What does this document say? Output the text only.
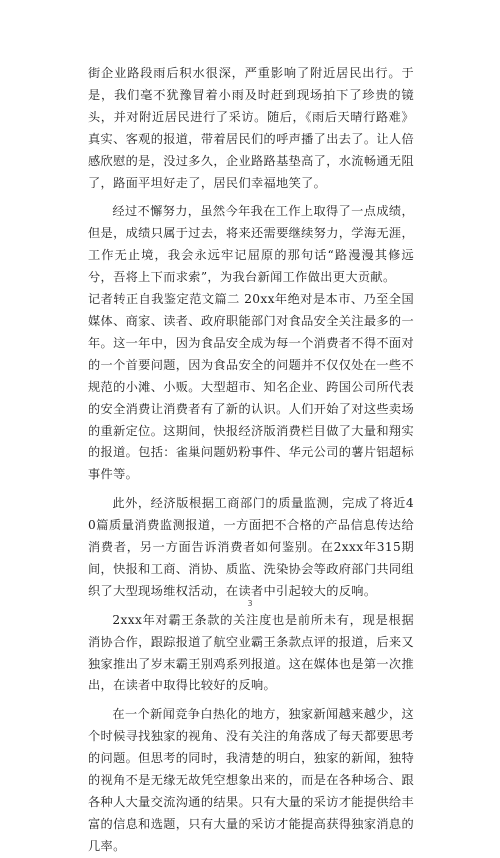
街企业路段雨后积水很深，严重影响了附近居民出行。于是，我们毫不犹豫冒着小雨及时赶到现场拍下了珍贵的镜头，并对附近居民进行了采访。随后，《雨后天晴行路难》真实、客观的报道，带着居民们的呼声播了出去了。让人倍感欣慰的是，没过多久，企业路路基垫高了，水流畅通无阻了，路面平坦好走了，居民们幸福地笑了。

经过不懈努力，虽然今年我在工作上取得了一点成绩，但是，成绩只属于过去，将来还需要继续努力，学海无涯，工作无止境，我会永远牢记屈原的那句话“路漫漫其修远兮，吾将上下而求索”，为我台新闻工作做出更大贡献。

记者转正自我鉴定范文篇二 20xx年绝对是本市、乃至全国媒体、商家、读者、政府职能部门对食品安全关注最多的一年。这一年中，因为食品安全成为每一个消费者不得不面对的一个首要问题，因为食品安全的问题并不仅仅处在一些不规范的小滩、小贩。大型超市、知名企业、跨国公司所代表的安全消费让消费者有了新的认识。人们开始了对这些卖场的重新定位。这期间，快报经济版消费栏目做了大量和翔实的报道。包括：雀巢问题奶粉事件、华元公司的薯片铝超标事件等。

此外，经济版根据工商部门的质量监测，完成了将近40篇质量消费监测报道，一方面把不合格的产品信息传达给消费者，另一方面告诉消费者如何鉴别。在2xxx年315期间，快报和工商、消协、质监、洗染协会等政府部门共同组织了大型现场维权活动，在读者中引起较大的反响。

2xxx年对霸王条款的关注度也是前所未有，现是根据消协合作，跟踪报道了航空业霸王条款点评的报道，后来又独家推出了岁末霸王别鸡系列报道。这在媒体也是第一次推出，在读者中取得比较好的反响。

在一个新闻竞争白热化的地方，独家新闻越来越少，这个时候寻找独家的视角、没有关注的角落成了每天都要思考的问题。但思考的同时，我清楚的明白，独家的新闻，独特的视角不是无缘无故凭空想象出来的，而是在各种场合、跟各种人大量交流沟通的结果。只有大量的采访才能提供给丰富的信息和选题，只有大量的采访才能提高获得独家消息的几率。

3
